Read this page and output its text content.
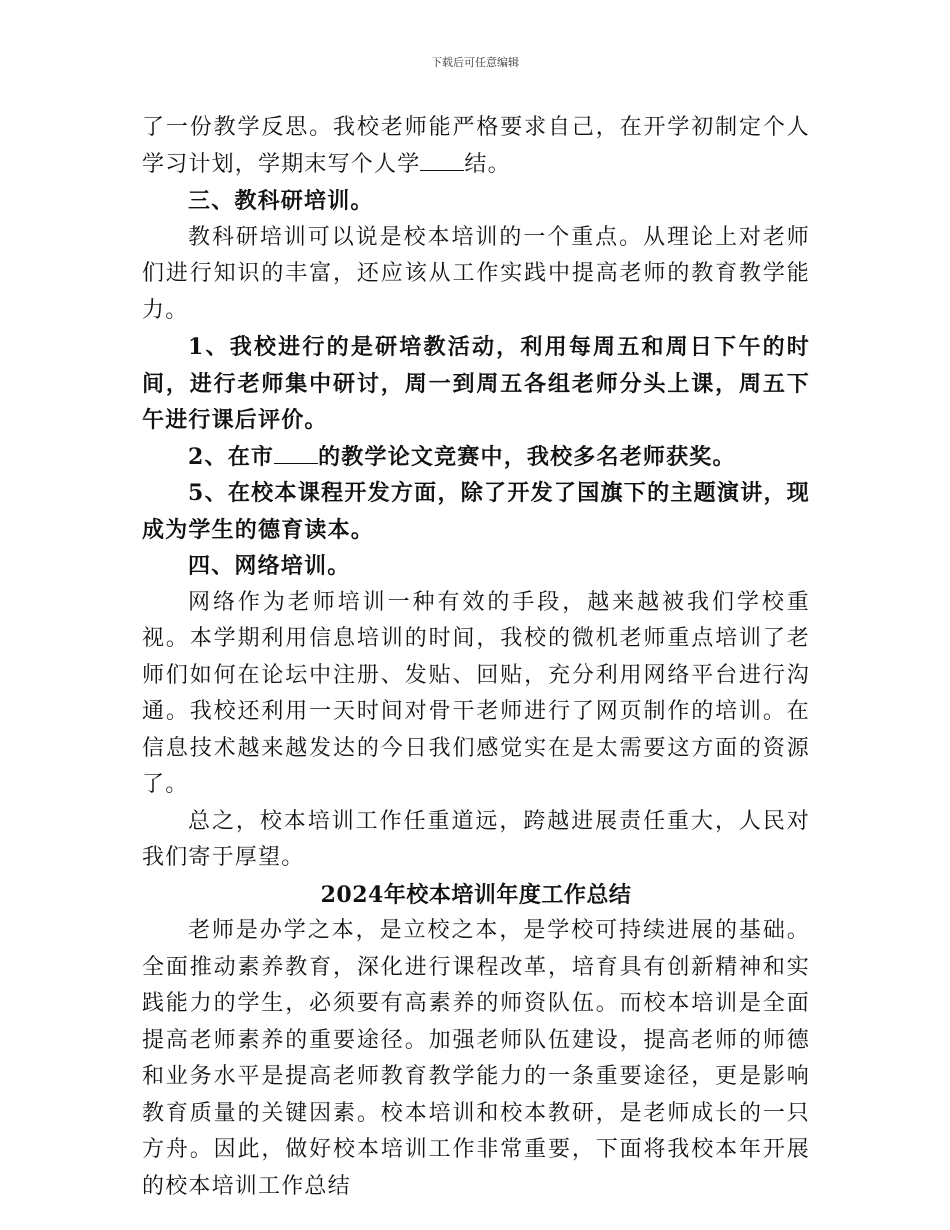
下载后可任意编辑

了一份教学反思。我校老师能严格要求自己，在开学初制定个人学习计划，学期末写个人学 结。

三、教科研培训。

教科研培训可以说是校本培训的一个重点。从理论上对老师们进行知识的丰富，还应该从工作实践中提高老师的教育教学能力。

1、我校进行的是研培教活动，利用每周五和周日下午的时间，进行老师集中研讨，周一到周五各组老师分头上课，周五下午进行课后评价。

2、在市 的教学论文竞赛中，我校多名老师获奖。

5、在校本课程开发方面，除了开发了国旗下的主题演讲，现成为学生的德育读本。

四、网络培训。

网络作为老师培训一种有效的手段，越来越被我们学校重视。本学期利用信息培训的时间，我校的微机老师重点培训了老师们如何在论坛中注册、发贴、回贴，充分利用网络平台进行沟通。我校还利用一天时间对骨干老师进行了网页制作的培训。在信息技术越来越发达的今日我们感觉实在是太需要这方面的资源了。

总之，校本培训工作任重道远，跨越进展责任重大，人民对我们寄于厚望。

2024年校本培训年度工作总结

老师是办学之本，是立校之本，是学校可持续进展的基础。全面推动素养教育，深化进行课程改革，培育具有创新精神和实践能力的学生，必须要有高素养的师资队伍。而校本培训是全面提高老师素养的重要途径。加强老师队伍建设，提高老师的师德和业务水平是提高老师教育教学能力的一条重要途径，更是影响教育质量的关键因素。校本培训和校本教研，是老师成长的一只方舟。因此，做好校本培训工作非常重要，下面将我校本年开展的校本培训工作总结
